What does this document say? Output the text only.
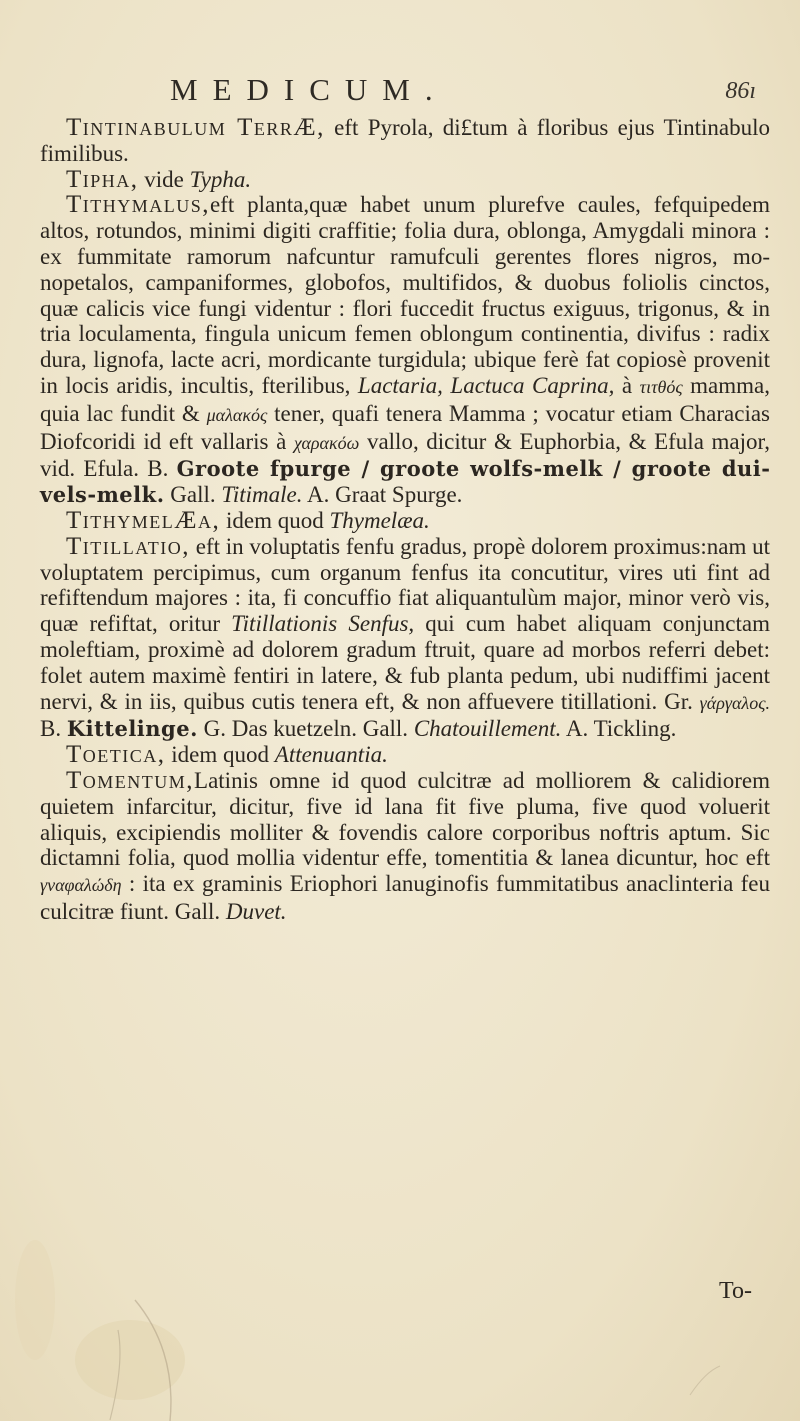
MEDICUM.	86ı

Tintinabulum TerrÆ, eft Pyrola, di£tum à floribus ejus Tintinabulo fimilibus.

Tipha, vide Typha.

Tithymalus,eft planta,quæ habet unum plurefve caules, fefquipedem altos, rotundos, minimi digiti craffitie; folia dura, oblonga, Amygdali minora : ex fummitate ramorum nafcuntur ramufculi gerentes flores nigros, monopetalos, campaniformes, globofos, multifidos, & duobus foliolis cinctos, quæ calicis vice fungi videntur : flori fuccedit fructus exiguus, trigonus, & in tria loculamenta, fingula unicum femen oblongum continentia, divifus : radix dura, lignofa, lacte acri, mordicante turgidula; ubique ferè fat copiosè provenit in locis aridis, incultis, fterilibus, Lactaria, Lactuca Caprina, à τιτθός mamma, quia lac fundit & μαλακός tener, quafi tenera Mamma ; vocatur etiam Characias Diofcoridi id eft vallaris à χαρακόω vallo, dicitur & Euphorbia, & Efula major, vid. Efula. B. Groote fpurge / groote wolfs-melk / groote duivels-melk. Gall. Titimale. A. Graat Spurge.

TithymelÆa, idem quod Thymelæa.

Titillatio, eft in voluptatis fenfu gradus, propè dolorem proximus:nam ut voluptatem percipimus, cum organum fenfus ita concutitur, vires uti fint ad refiftendum majores : ita, fi concuffio fiat aliquantulùm major, minor verò vis, quæ refiftat, oritur Titillationis Senfus, qui cum habet aliquam conjunctam moleftiam, proximè ad dolorem gradum ftruit, quare ad morbos referri debet: folet autem maximè fentiri in latere, & fub planta pedum, ubi nudiffimi jacent nervi, & in iis, quibus cutis tenera eft, & non affuevere titillationi. Gr. γάργαλος. B. Kittelinge. G. Das kuetzeln. Gall. Chatouillement. A. Tickling.

Toetica, idem quod Attenuantia.

Tomentum,Latinis omne id quod culcitræ ad molliorem & calidiorem quietem infarcitur, dicitur, five id lana fit five pluma, five quod voluerit aliquis, excipiendis molliter & fovendis calore corporibus noftris aptum. Sic dictamni folia, quod mollia videntur effe, tomentitia & lanea dicuntur, hoc eft γναφαλώδη : ita ex graminis Eriophori lanuginofis fummitatibus anaclinteria feu culcitræ fiunt. Gall. Duvet.

To-
